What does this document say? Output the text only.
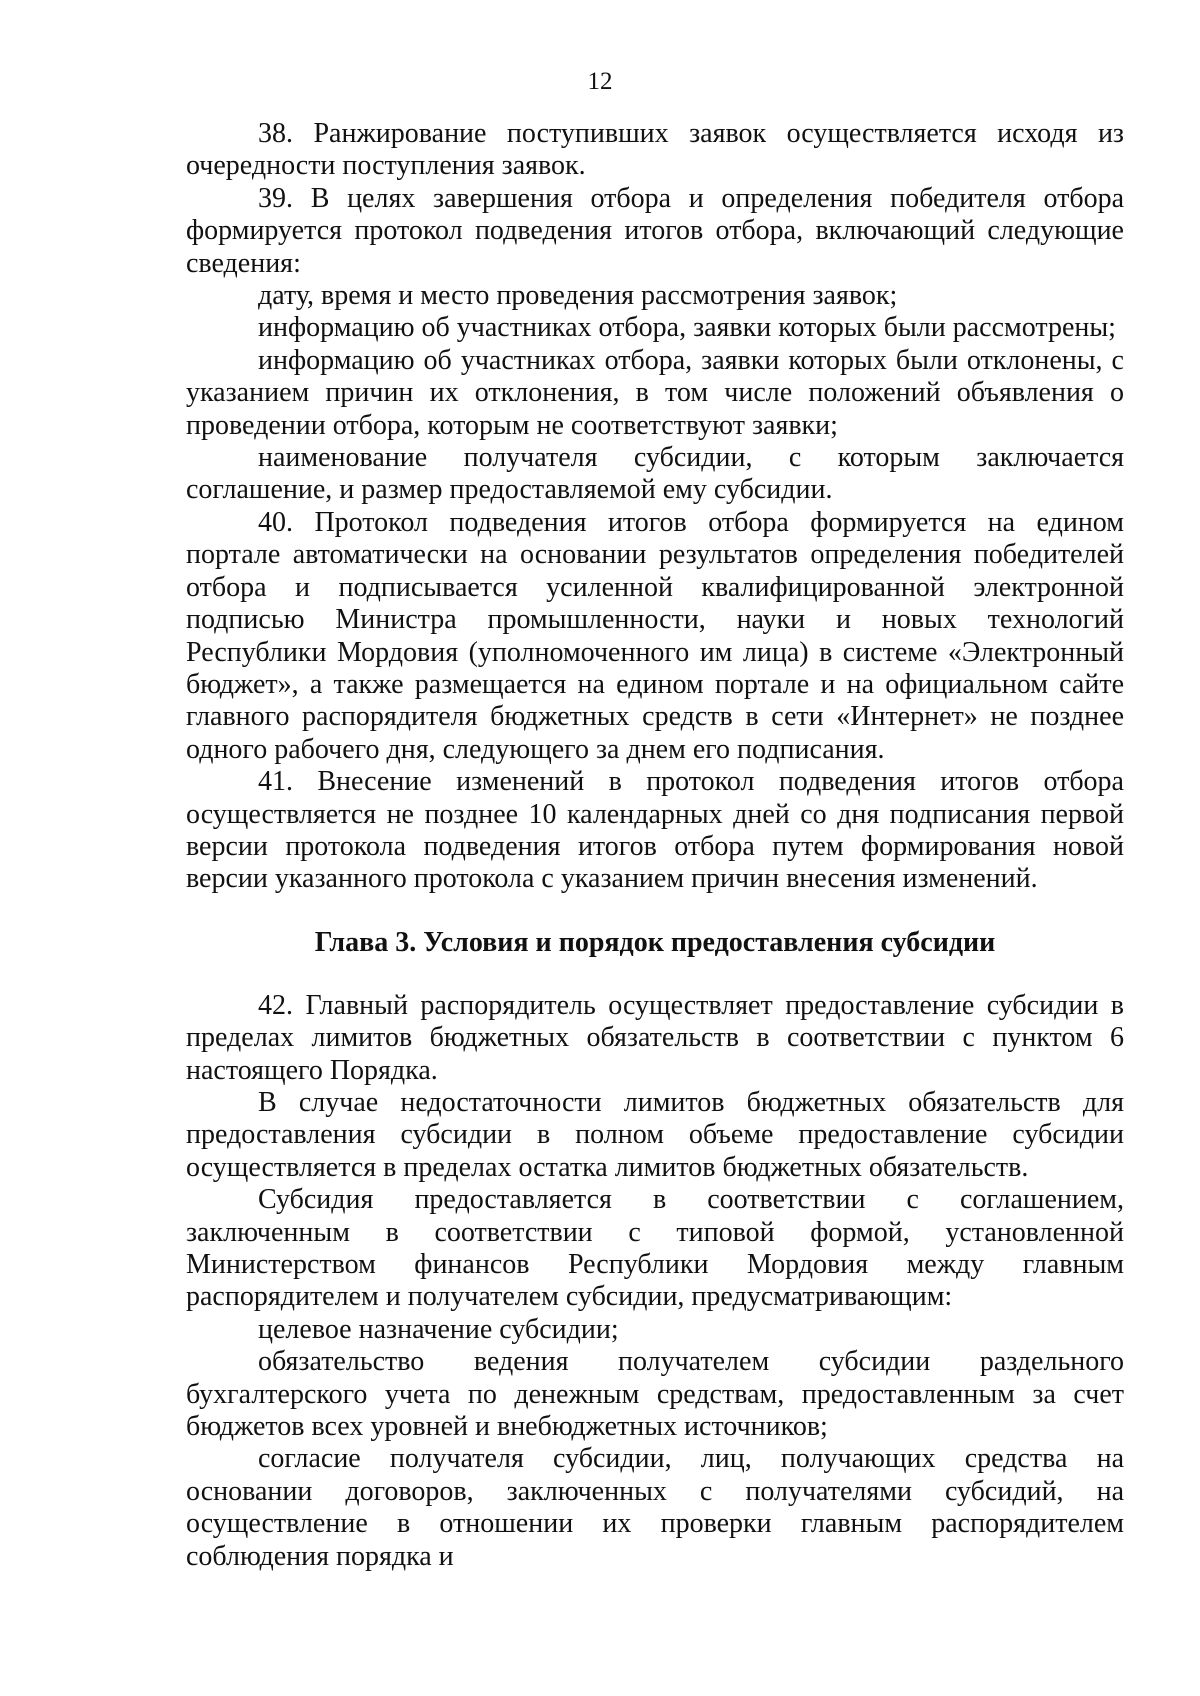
12

38. Ранжирование поступивших заявок осуществляется исходя из очередности поступления заявок.

39. В целях завершения отбора и определения победителя отбора формируется протокол подведения итогов отбора, включающий следующие сведения:

дату, время и место проведения рассмотрения заявок;

информацию об участниках отбора, заявки которых были рассмотрены;

информацию об участниках отбора, заявки которых были отклонены, с указанием причин их отклонения, в том числе положений объявления о проведении отбора, которым не соответствуют заявки;

наименование получателя субсидии, с которым заключается соглашение, и размер предоставляемой ему субсидии.

40. Протокол подведения итогов отбора формируется на едином портале автоматически на основании результатов определения победителей отбора и подписывается усиленной квалифицированной электронной подписью Министра промышленности, науки и новых технологий Республики Мордовия (уполномоченного им лица) в системе «Электронный бюджет», а также размещается на едином портале и на официальном сайте главного распорядителя бюджетных средств в сети «Интернет» не позднее одного рабочего дня, следующего за днем его подписания.

41. Внесение изменений в протокол подведения итогов отбора осуществляется не позднее 10 календарных дней со дня подписания первой версии протокола подведения итогов отбора путем формирования новой версии указанного протокола с указанием причин внесения изменений.

Глава 3. Условия и порядок предоставления субсидии

42. Главный распорядитель осуществляет предоставление субсидии в пределах лимитов бюджетных обязательств в соответствии с пунктом 6 настоящего Порядка.

В случае недостаточности лимитов бюджетных обязательств для предоставления субсидии в полном объеме предоставление субсидии осуществляется в пределах остатка лимитов бюджетных обязательств.

Субсидия предоставляется в соответствии с соглашением, заключенным в соответствии с типовой формой, установленной Министерством финансов Республики Мордовия между главным распорядителем и получателем субсидии, предусматривающим:

целевое назначение субсидии;

обязательство ведения получателем субсидии раздельного бухгалтерского учета по денежным средствам, предоставленным за счет бюджетов всех уровней и внебюджетных источников;

согласие получателя субсидии, лиц, получающих средства на основании договоров, заключенных с получателями субсидий, на осуществление в отношении их проверки главным распорядителем соблюдения порядка и
